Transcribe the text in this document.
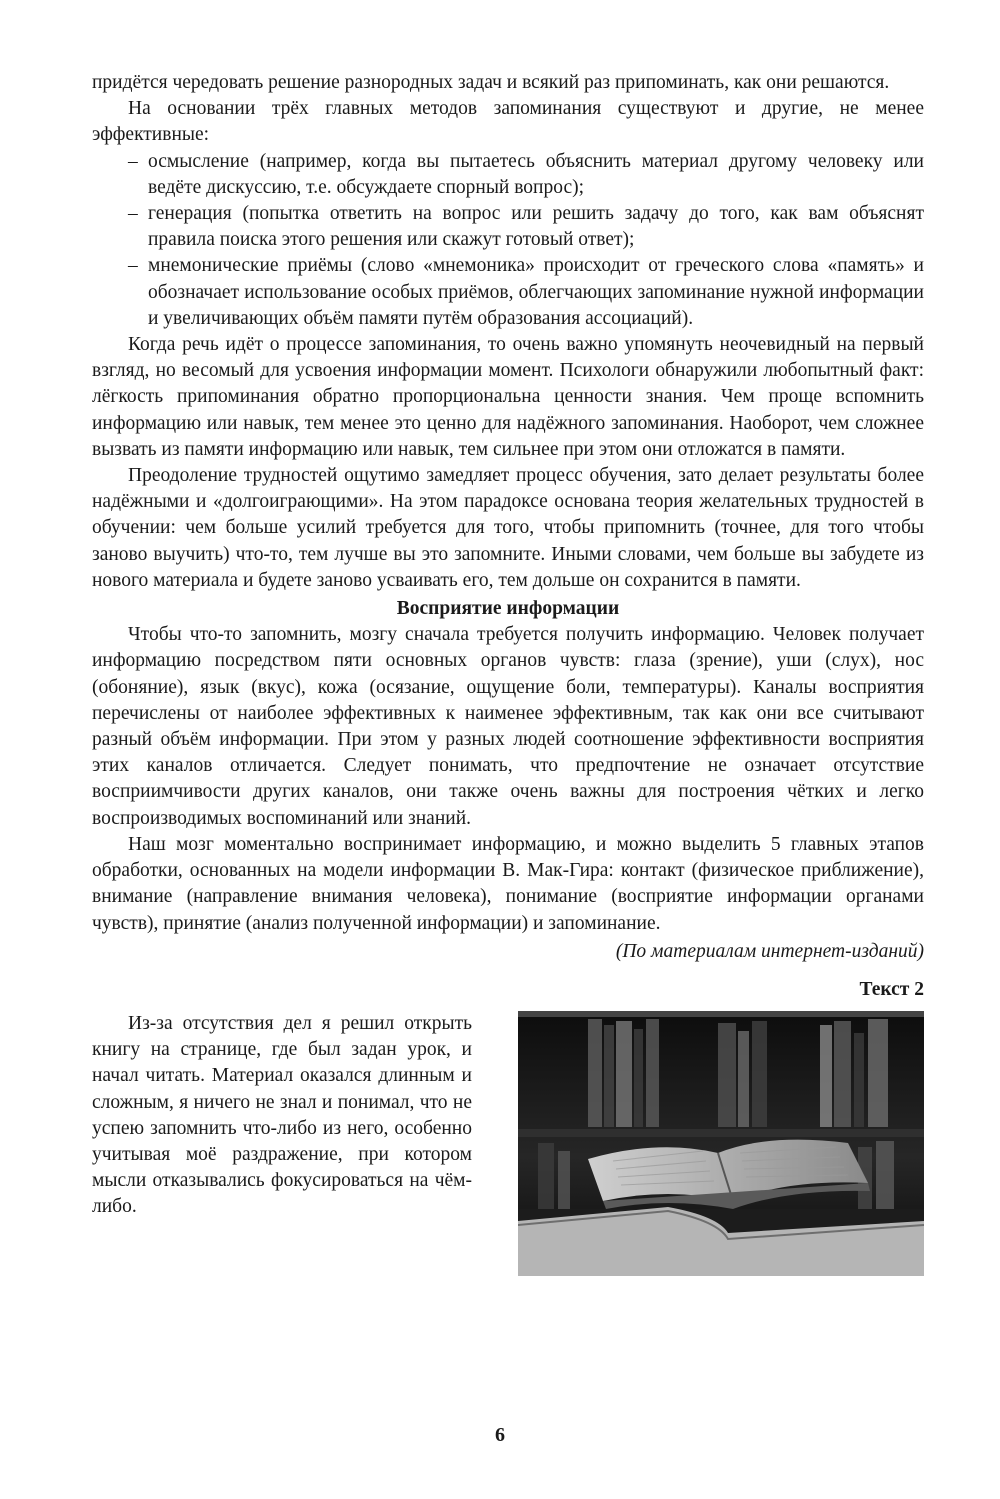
придётся чередовать решение разнородных задач и всякий раз припоминать, как они решаются.

На основании трёх главных методов запоминания существуют и другие, не менее эффективные:

– осмысление (например, когда вы пытаетесь объяснить материал другому человеку или ведёте дискуссию, т.е. обсуждаете спорный вопрос);
– генерация (попытка ответить на вопрос или решить задачу до того, как вам объяснят правила поиска этого решения или скажут готовый ответ);
– мнемонические приёмы (слово «мнемоника» происходит от греческого слова «память» и обозначает использование особых приёмов, облегчающих запоминание нужной информации и увеличивающих объём памяти путём образования ассоциаций).

Когда речь идёт о процессе запоминания, то очень важно упомянуть неочевидный на первый взгляд, но весомый для усвоения информации момент. Психологи обнаружили любопытный факт: лёгкость припоминания обратно пропорциональна ценности знания. Чем проще вспомнить информацию или навык, тем менее это ценно для надёжного запоминания. Наоборот, чем сложнее вызвать из памяти информацию или навык, тем сильнее при этом они отложатся в памяти.

Преодоление трудностей ощутимо замедляет процесс обучения, зато делает результаты более надёжными и «долгоиграющими». На этом парадоксе основана теория желательных трудностей в обучении: чем больше усилий требуется для того, чтобы припомнить (точнее, для того чтобы заново выучить) что-то, тем лучше вы это запомните. Иными словами, чем больше вы забудете из нового материала и будете заново усваивать его, тем дольше он сохранится в памяти.

Восприятие информации

Чтобы что-то запомнить, мозгу сначала требуется получить информацию. Человек получает информацию посредством пяти основных органов чувств: глаза (зрение), уши (слух), нос (обоняние), язык (вкус), кожа (осязание, ощущение боли, температуры). Каналы восприятия перечислены от наиболее эффективных к наименее эффективным, так как они все считывают разный объём информации. При этом у разных людей соотношение эффективности восприятия этих каналов отличается. Следует понимать, что предпочтение не означает отсутствие восприимчивости других каналов, они также очень важны для построения чётких и легко воспроизводимых воспоминаний или знаний.

Наш мозг моментально воспринимает информацию, и можно выделить 5 главных этапов обработки, основанных на модели информации В. Мак-Гира: контакт (физическое приближение), внимание (направление внимания человека), понимание (восприятие информации органами чувств), принятие (анализ полученной информации) и запоминание.

(По материалам интернет-изданий)
Текст 2

Из-за отсутствия дел я решил открыть книгу на странице, где был задан урок, и начал читать. Материал оказался длинным и сложным, я ничего не знал и понимал, что не успею запомнить что-либо из него, особенно учитывая моё раздражение, при котором мысли отказывались фокусироваться на чём-либо.

6
